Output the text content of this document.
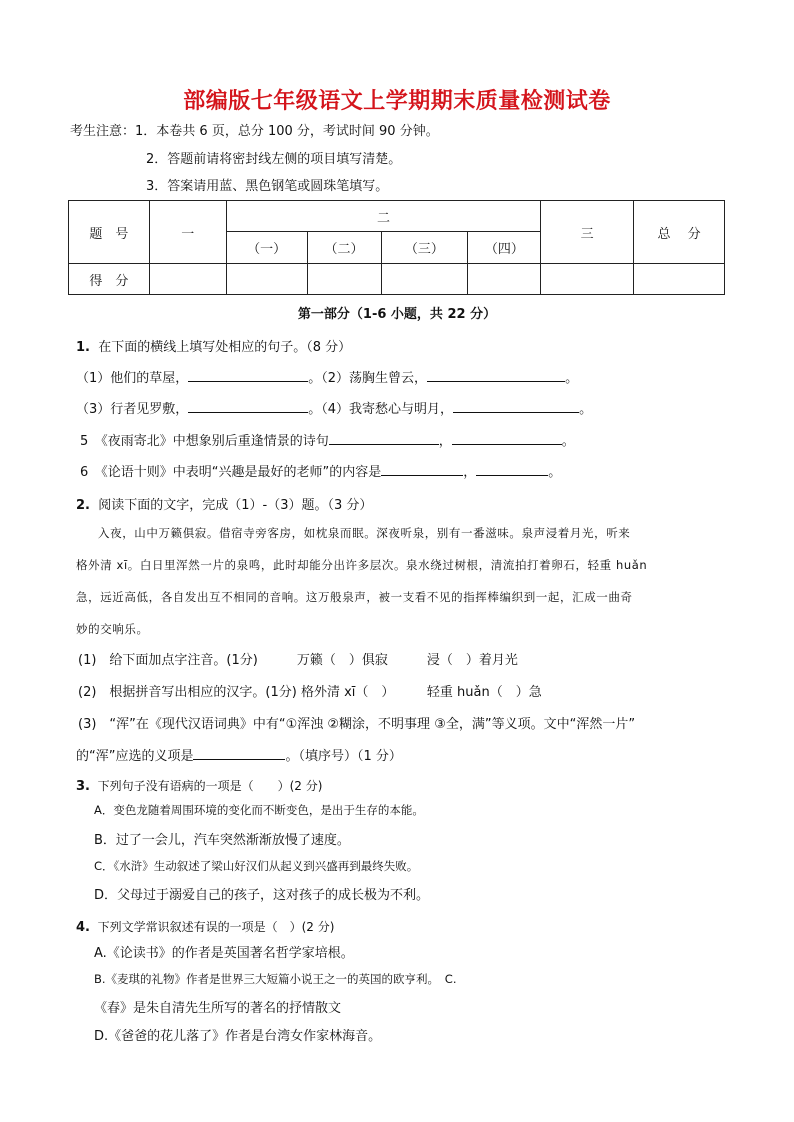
部编版七年级语文上学期期末质量检测试卷
考生注意：1．本卷共 6 页，总分 100 分，考试时间 90 分钟。
2．答题前请将密封线左侧的项目填写清楚。
3．答案请用蓝、黑色钢笔或圆珠笔填写。
题　号	一	二				三	总　 分
		（一）	（二）	（三）	（四）		
得　分							
第一部分（1-6 小题，共 22 分）
1. 在下面的横线上填写处相应的句子。（8 分）
（1）他们的草屋，	。（2）荡胸生曾云，	。
（3）行者见罗敷，	。（4）我寄愁心与明月，	。
5　《夜雨寄北》中想象别后重逢情景的诗句	，	。
6　《论语十则》中表明“兴趣是最好的老师”的内容是	，	。
2. 阅读下面的文字，完成（1）-（3）题。（3 分）
入夜，山中万籁俱寂。借宿寺旁客房，如枕泉而眠。深夜听泉，别有一番滋味。泉声浸着月光，听来
格外清 xī。白日里浑然一片的泉鸣，此时却能分出许多层次。泉水绕过树根，清流拍打着卵石，轻重 huǎn
急，远近高低，各自发出互不相同的音响。这万般泉声，被一支看不见的指挥棒编织到一起，汇成一曲奇
妙的交响乐。
(1)　给下面加点字注音。(1分)　　　万籁（　）俱寂　　　浸（　）着月光
(2)　根据拼音写出相应的汉字。(1分) 格外清 xī（　）　　　轻重 huǎn（　）急
(3)　“浑”在《现代汉语词典》中有“①浑浊 ②糊涂，不明事理 ③全，满”等义项。文中“浑然一片”
的“浑”应选的义项是	。（填序号）（1 分）
3. 下列句子没有语病的一项是（　　）(2 分)
A．变色龙随着周围环境的变化而不断变色，是出于生存的本能。
B．过了一会儿，汽车突然渐渐放慢了速度。
C．《水浒》生动叙述了梁山好汉们从起义到兴盛再到最终失败。
D．父母过于溺爱自己的孩子，这对孩子的成长极为不利。
4. 下列文学常识叙述有误的一项是（　）(2 分)
A.《论读书》的作者是英国著名哲学家培根。
B.《麦琪的礼物》作者是世界三大短篇小说王之一的英国的欧亨利。　C.
《春》是朱自清先生所写的著名的抒情散文
D.《爸爸的花儿落了》作者是台湾女作家林海音。
